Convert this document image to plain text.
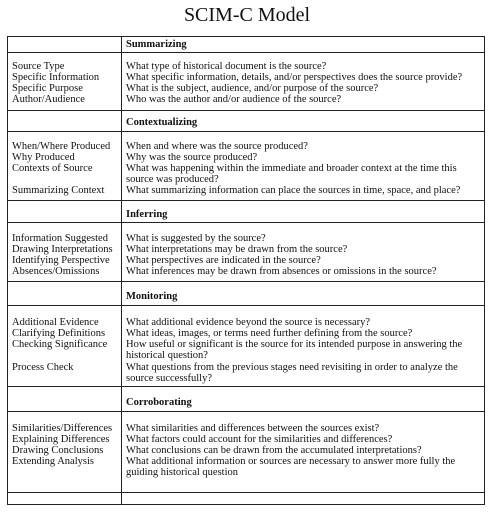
SCIM-C Model
Summarizing
Source Type	What type of historical document is the source?
Specific Information	What specific information, details, and/or perspectives does the source provide?
Specific Purpose	What is the subject, audience, and/or purpose of the source?
Author/Audience	Who was the author and/or audience of the source?
Contextualizing
When/Where Produced	When and where was the source produced?
Why Produced	Why was the source produced?
Contexts of Source	What was happening within the immediate and broader context at the time this source was produced?
Summarizing Context	What summarizing information can place the sources in time, space, and place?
Inferring
Information Suggested	What is suggested by the source?
Drawing Interpretations	What interpretations may be drawn from the source?
Identifying Perspective	What perspectives are indicated in the source?
Absences/Omissions	What inferences may be drawn from absences or omissions in the source?
Monitoring
Additional Evidence	What additional evidence beyond the source is necessary?
Clarifying Definitions	What ideas, images, or terms need further defining from the source?
Checking Significance	How useful or significant is the source for its intended purpose in answering the historical question?
Process Check	What questions from the previous stages need revisiting in order to analyze the source successfully?
Corroborating
Similarities/Differences	What similarities and differences between the sources exist?
Explaining Differences	What factors could account for the similarities and differences?
Drawing Conclusions	What conclusions can be drawn from the accumulated interpretations?
Extending Analysis	What additional information or sources are necessary to answer more fully the guiding historical question
